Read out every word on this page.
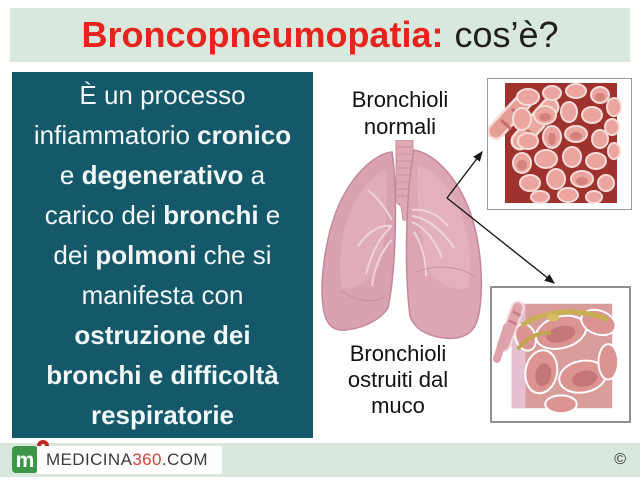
Broncopneumopatia: cos’è?
È un processo
infiammatorio cronico
e degenerativo a
carico dei bronchi e
dei polmoni che si
manifesta con
ostruzione dei
bronchi e difficoltà
respiratorie
Bronchioli
normali
Bronchioli
ostruiti dal
muco
m MEDICINA 360 .COM	©
